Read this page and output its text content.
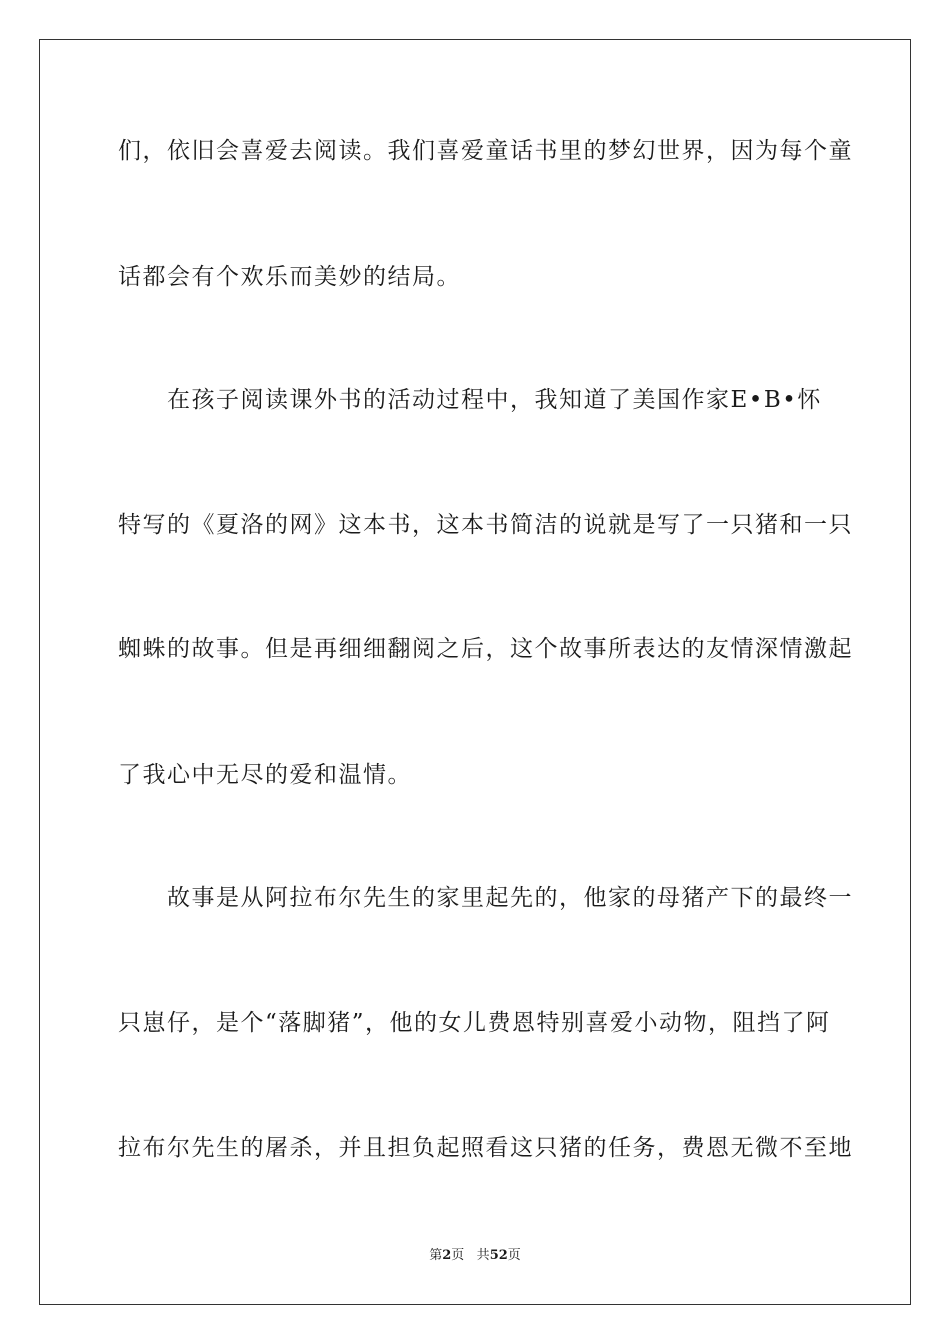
们，依旧会喜爱去阅读。我们喜爱童话书里的梦幻世界，因为每个童
话都会有个欢乐而美妙的结局。
　　在孩子阅读课外书的活动过程中，我知道了美国作家E•B•怀
特写的《夏洛的网》这本书，这本书简洁的说就是写了一只猪和一只
蜘蛛的故事。但是再细细翻阅之后，这个故事所表达的友情深情激起
了我心中无尽的爱和温情。
　　故事是从阿拉布尔先生的家里起先的，他家的母猪产下的最终一
只崽仔，是个“落脚猪”，他的女儿费恩特别喜爱小动物，阻挡了阿
拉布尔先生的屠杀，并且担负起照看这只猪的任务，费恩无微不至地
第2页 共52页
